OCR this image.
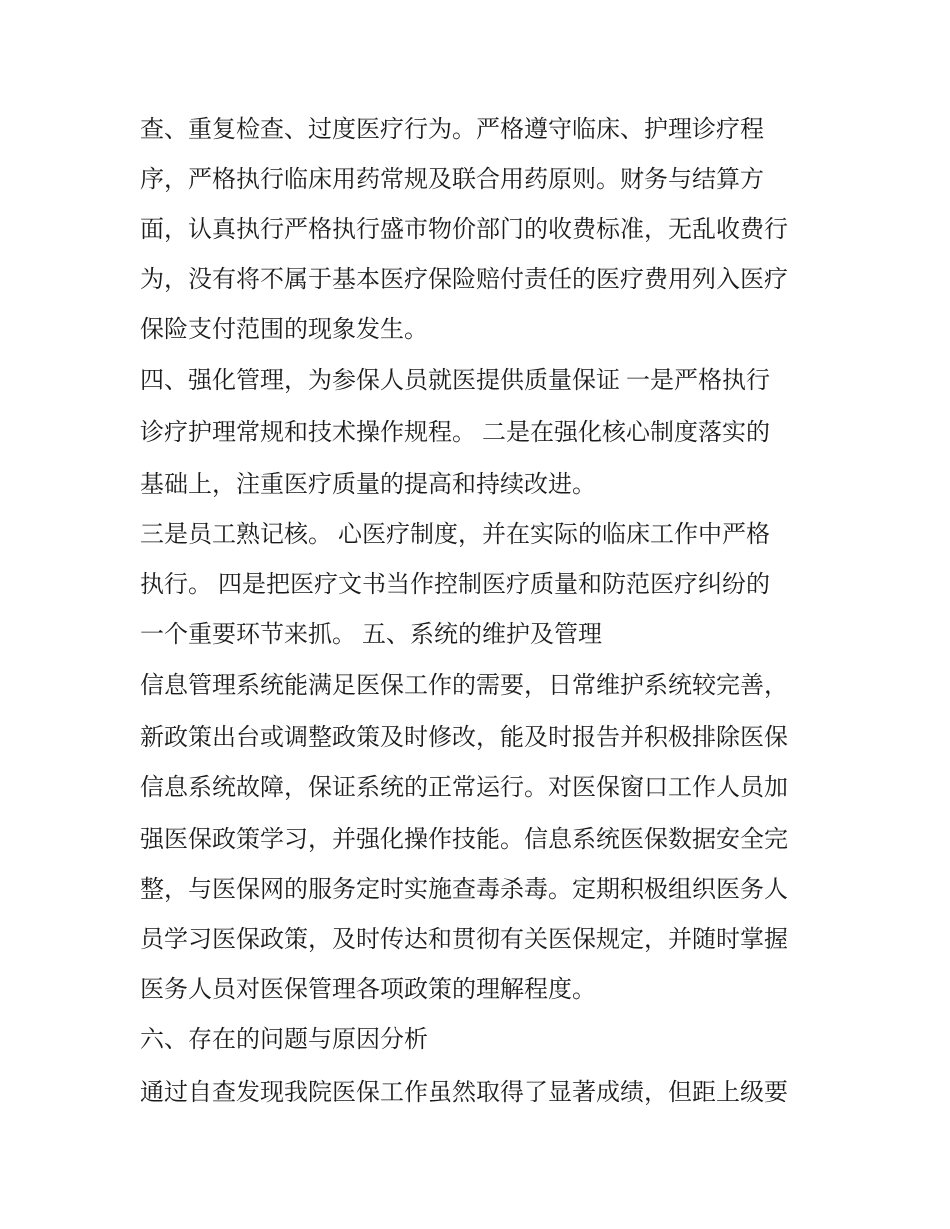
查、重复检查、过度医疗行为。严格遵守临床、护理诊疗程
序，严格执行临床用药常规及联合用药原则。财务与结算方
面，认真执行严格执行盛市物价部门的收费标准，无乱收费行
为，没有将不属于基本医疗保险赔付责任的医疗费用列入医疗
保险支付范围的现象发生。
四、强化管理，为参保人员就医提供质量保证 一是严格执行
诊疗护理常规和技术操作规程。 二是在强化核心制度落实的
基础上，注重医疗质量的提高和持续改进。
三是员工熟记核。 心医疗制度，并在实际的临床工作中严格
执行。 四是把医疗文书当作控制医疗质量和防范医疗纠纷的
一个重要环节来抓。 五、系统的维护及管理
信息管理系统能满足医保工作的需要，日常维护系统较完善，
新政策出台或调整政策及时修改，能及时报告并积极排除医保
信息系统故障，保证系统的正常运行。对医保窗口工作人员加
强医保政策学习，并强化操作技能。信息系统医保数据安全完
整，与医保网的服务定时实施查毒杀毒。定期积极组织医务人
员学习医保政策，及时传达和贯彻有关医保规定，并随时掌握
医务人员对医保管理各项政策的理解程度。
六、存在的问题与原因分析
通过自查发现我院医保工作虽然取得了显著成绩，但距上级要
